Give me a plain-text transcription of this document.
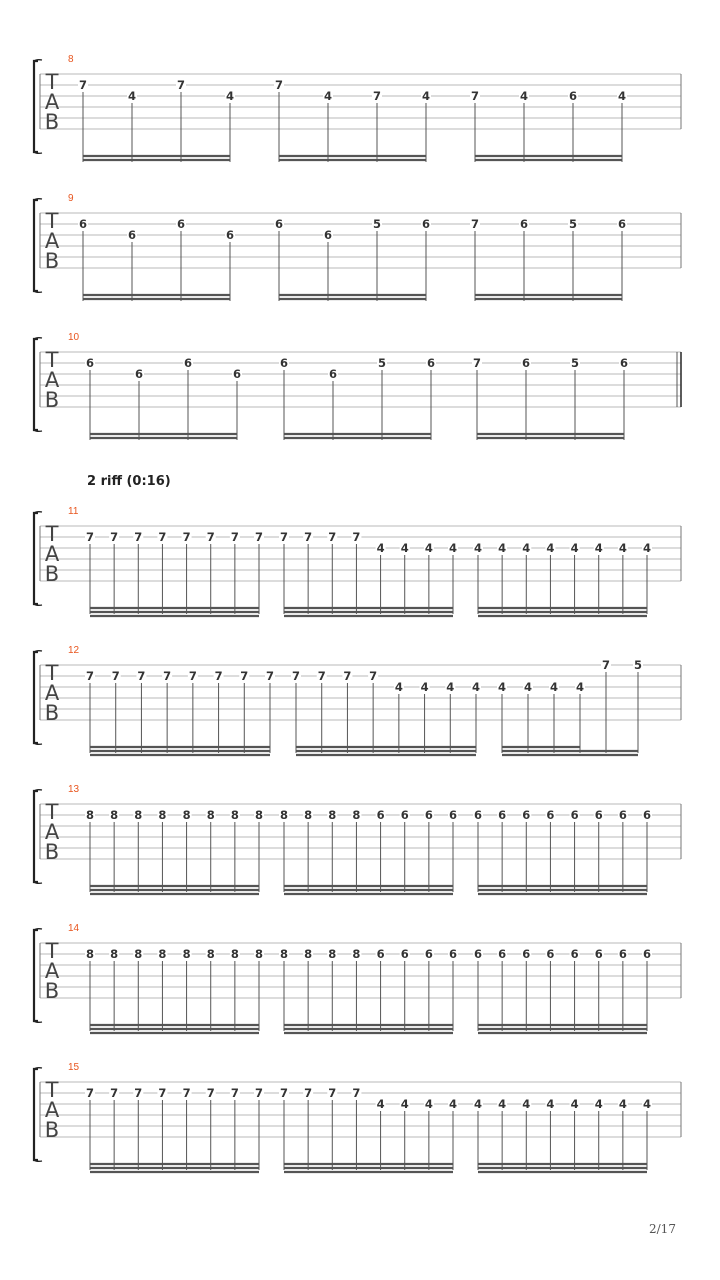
8
T
A
B
7
4
7
4
7
4	7	4	7	4	6	4
9
T
A
B
6
6
6
6
6
6
5	6	7	6	5	6
10
T
A
B
6
6
6
6
6
6
5	6	7	6	5	6
2 riff (0:16)
11
T
A
B
7 7 7 7 7 7 7 7 7 7 7 7
4 4 4 4 4 4 4 4 4 4 4 4
12
T
A
B
7 7 7 7 7 7 7 7 7 7 7 7
4 4 4 4 4 4 4 4
7 5
13
T
A
B
8 8 8 8 8 8 8 8 8 8 8 8 6 6 6 6 6 6 6 6 6 6 6 6
14
T
A
B
8 8 8 8 8 8 8 8 8 8 8 8 6 6 6 6 6 6 6 6 6 6 6 6
15
T
A
B
7 7 7 7 7 7 7 7 7 7 7 7
4 4 4 4 4 4 4 4 4 4 4 4
2/17
